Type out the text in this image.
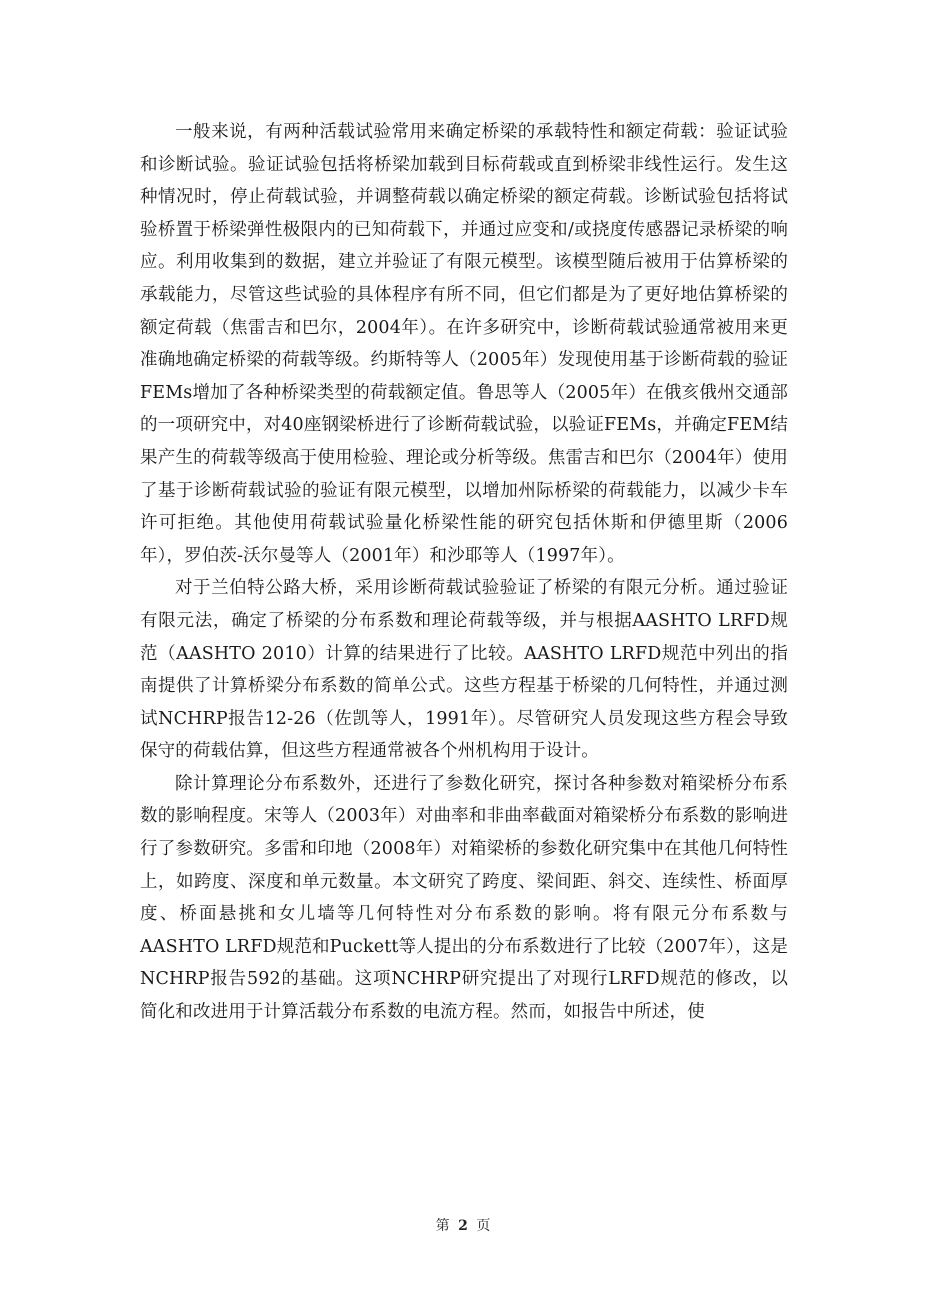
一般来说，有两种活载试验常用来确定桥梁的承载特性和额定荷载：验证试验和诊断试验。验证试验包括将桥梁加载到目标荷载或直到桥梁非线性运行。发生这种情况时，停止荷载试验，并调整荷载以确定桥梁的额定荷载。诊断试验包括将试验桥置于桥梁弹性极限内的已知荷载下，并通过应变和/或挠度传感器记录桥梁的响应。利用收集到的数据，建立并验证了有限元模型。该模型随后被用于估算桥梁的承载能力，尽管这些试验的具体程序有所不同，但它们都是为了更好地估算桥梁的额定荷载（焦雷吉和巴尔，2004年）。在许多研究中，诊断荷载试验通常被用来更准确地确定桥梁的荷载等级。约斯特等人（2005年）发现使用基于诊断荷载的验证FEMs增加了各种桥梁类型的荷载额定值。鲁思等人（2005年）在俄亥俄州交通部的一项研究中，对40座钢梁桥进行了诊断荷载试验，以验证FEMs，并确定FEM结果产生的荷载等级高于使用检验、理论或分析等级。焦雷吉和巴尔（2004年）使用了基于诊断荷载试验的验证有限元模型，以增加州际桥梁的荷载能力，以减少卡车许可拒绝。其他使用荷载试验量化桥梁性能的研究包括休斯和伊德里斯（2006年），罗伯茨-沃尔曼等人（2001年）和沙耶等人（1997年）。

对于兰伯特公路大桥，采用诊断荷载试验验证了桥梁的有限元分析。通过验证有限元法，确定了桥梁的分布系数和理论荷载等级，并与根据AASHTO LRFD规范（AASHTO 2010）计算的结果进行了比较。AASHTO LRFD规范中列出的指南提供了计算桥梁分布系数的简单公式。这些方程基于桥梁的几何特性，并通过测试NCHRP报告12-26（佐凯等人，1991年）。尽管研究人员发现这些方程会导致保守的荷载估算，但这些方程通常被各个州机构用于设计。

除计算理论分布系数外，还进行了参数化研究，探讨各种参数对箱梁桥分布系数的影响程度。宋等人（2003年）对曲率和非曲率截面对箱梁桥分布系数的影响进行了参数研究。多雷和印地（2008年）对箱梁桥的参数化研究集中在其他几何特性上，如跨度、深度和单元数量。本文研究了跨度、梁间距、斜交、连续性、桥面厚度、桥面悬挑和女儿墙等几何特性对分布系数的影响。将有限元分布系数与AASHTO LRFD规范和Puckett等人提出的分布系数进行了比较（2007年），这是NCHRP报告592的基础。这项NCHRP研究提出了对现行LRFD规范的修改，以简化和改进用于计算活载分布系数的电流方程。然而，如报告中所述，使

第 2 页
